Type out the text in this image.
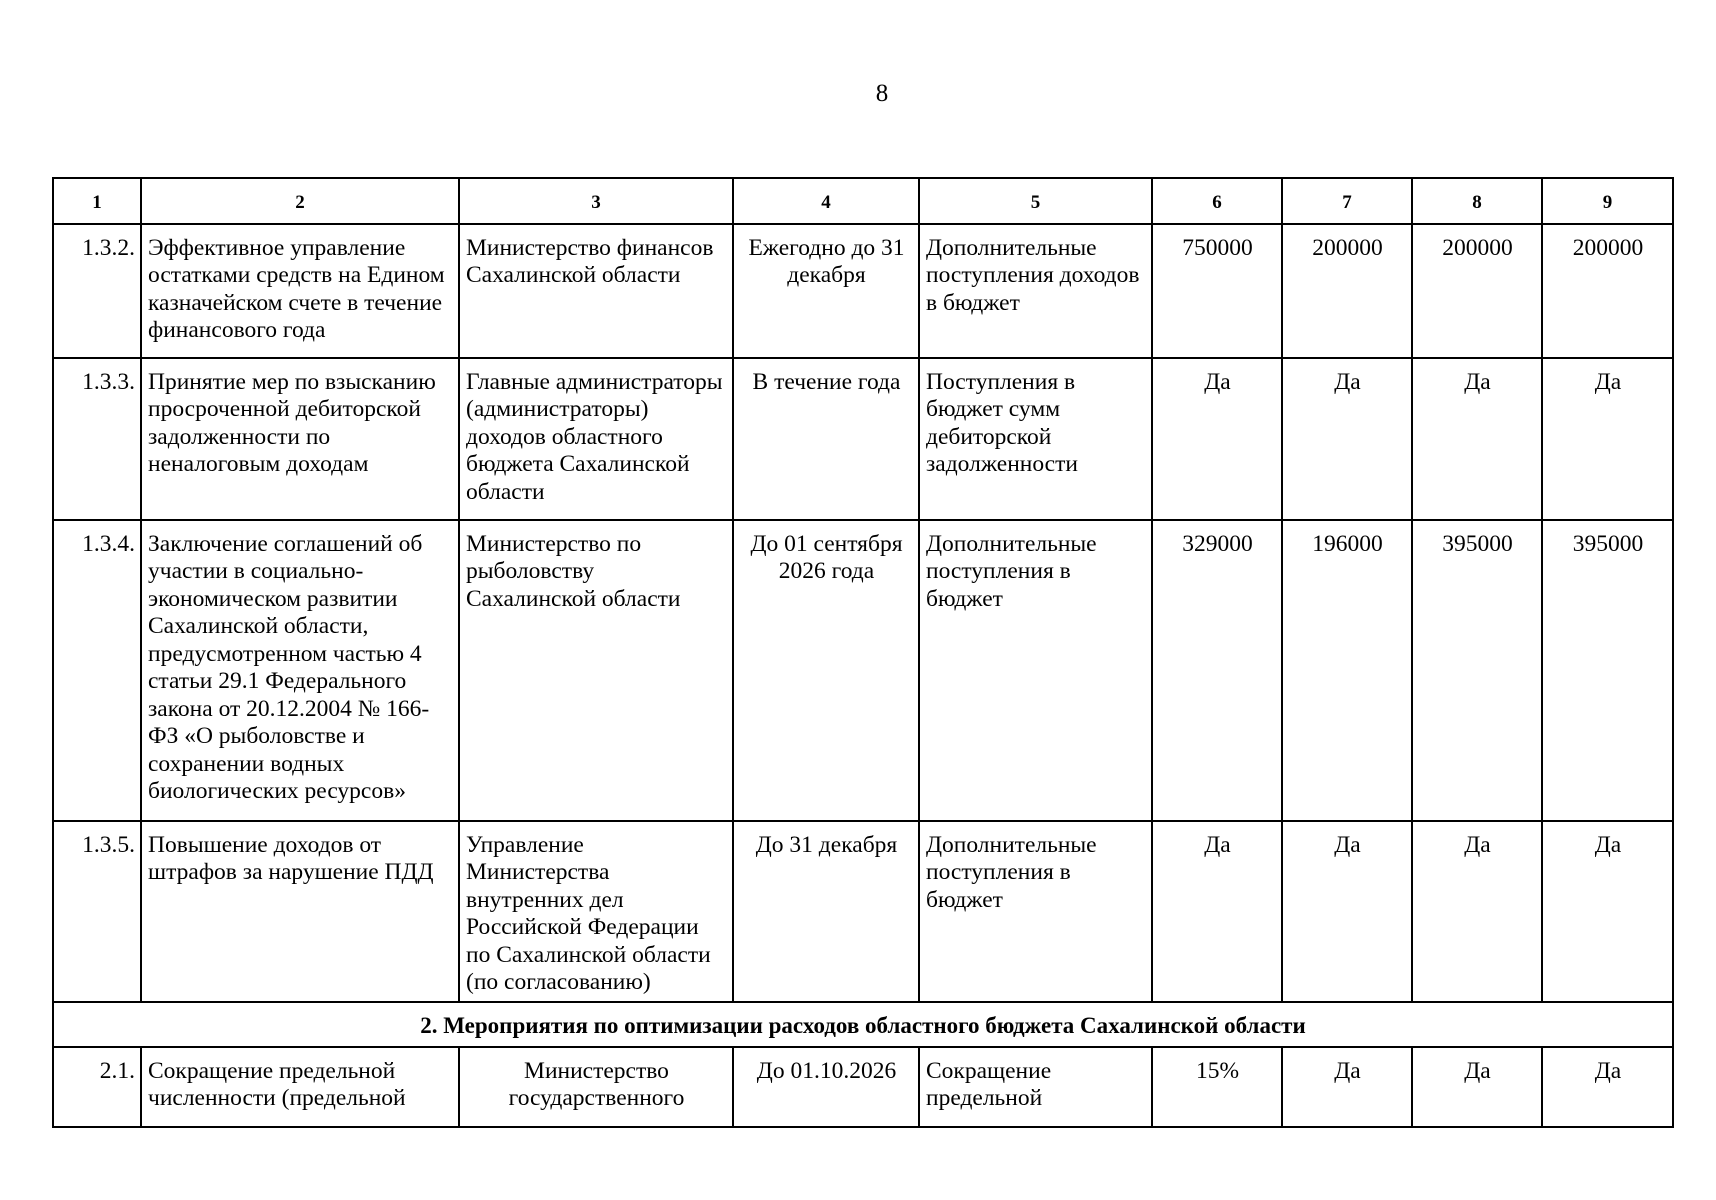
8
1	2	3	4	5	6	7	8	9
1.3.2.	Эффективное управление остатками средств на Едином казначейском счете в течение финансового года	Министерство финансов Сахалинской области	Ежегодно до 31 декабря	Дополнительные поступления доходов в бюджет	750000	200000	200000	200000
1.3.3.	Принятие мер по взысканию просроченной дебиторской задолженности по неналоговым доходам	Главные администраторы (администраторы) доходов областного бюджета Сахалинской области	В течение года	Поступления в бюджет сумм дебиторской задолженности	Да	Да	Да	Да
1.3.4.	Заключение соглашений об участии в социально-экономическом развитии Сахалинской области, предусмотренном частью 4 статьи 29.1 Федерального закона от 20.12.2004 № 166-ФЗ «О рыболовстве и сохранении водных биологических ресурсов»	Министерство по рыболовству Сахалинской области	До 01 сентября 2026 года	Дополнительные поступления в бюджет	329000	196000	395000	395000
1.3.5.	Повышение доходов от штрафов за нарушение ПДД	Управление Министерства внутренних дел Российской Федерации по Сахалинской области (по согласованию)	До 31 декабря	Дополнительные поступления в бюджет	Да	Да	Да	Да
2. Мероприятия по оптимизации расходов областного бюджета Сахалинской области								
2.1.	Сокращение предельной численности (предельной	Министерство государственного	До 01.10.2026	Сокращение предельной	15%	Да	Да	Да
